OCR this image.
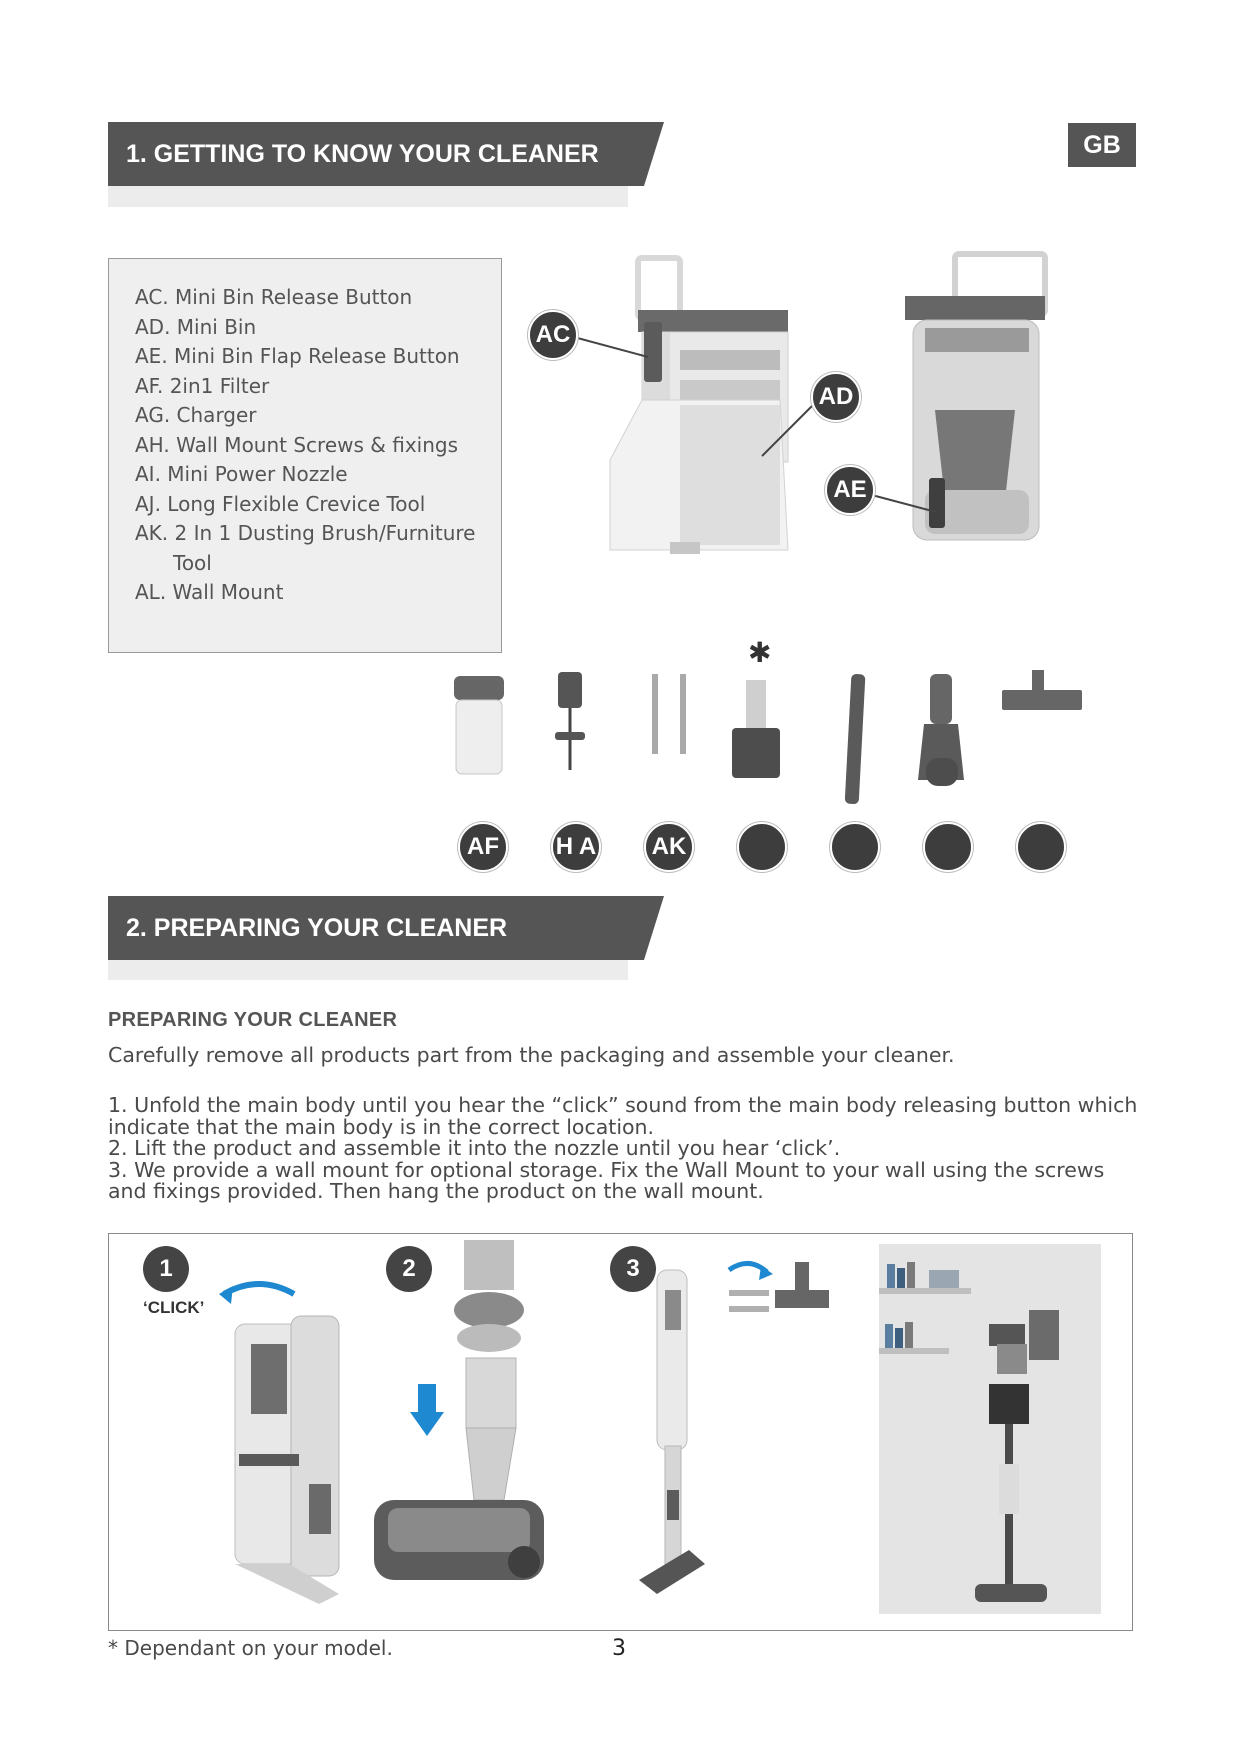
1. GETTING TO KNOW YOUR CLEANER	GB
AC. Mini Bin Release Button
AD. Mini Bin
AE. Mini Bin Flap Release Button
AF. 2in1 Filter
AG. Charger
AH. Wall Mount Screws & fixings
AI. Mini Power Nozzle
AJ. Long Flexible Crevice Tool
AK. 2 In 1 Dusting Brush/Furniture
Tool
AL. Wall Mount
AC
AD
AE
✱
AF	H A	AK
2. PREPARING YOUR CLEANER
PREPARING YOUR CLEANER
Carefully remove all products part from the packaging and assemble your cleaner.
1. Unfold the main body until you hear the “click” sound from the main body releasing button which indicate that the main body is in the correct location.
2. Lift the product and assemble it into the nozzle until you hear ‘click’.
3. We provide a wall mount for optional storage. Fix the Wall Mount to your wall using the screws and fixings provided. Then hang the product on the wall mount.
1
‘CLICK’
2	3
* Dependant on your model.	3
